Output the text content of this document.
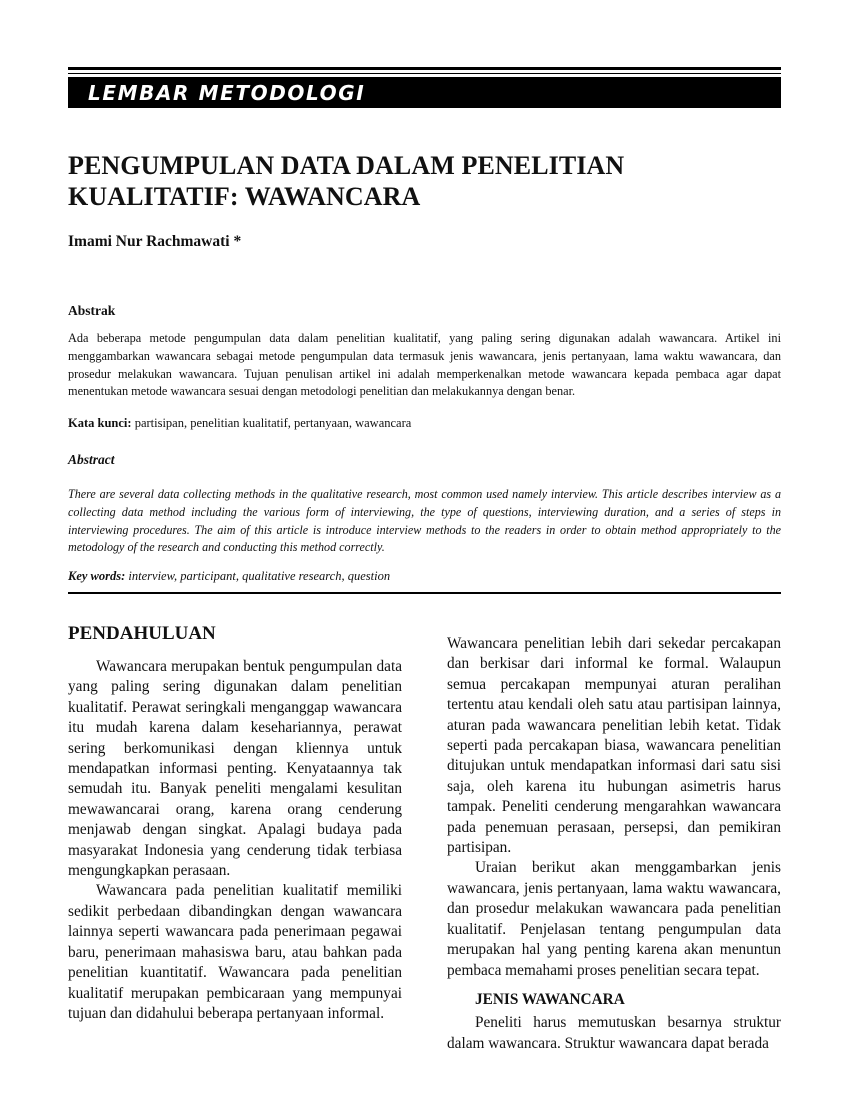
LEMBAR METODOLOGI
PENGUMPULAN DATA DALAM PENELITIAN KUALITATIF: WAWANCARA

Imami Nur Rachmawati *

Abstrak

Ada beberapa metode pengumpulan data dalam penelitian kualitatif, yang paling sering digunakan adalah wawancara. Artikel ini menggambarkan wawancara sebagai metode pengumpulan data termasuk jenis wawancara, jenis pertanyaan, lama waktu wawancara, dan prosedur melakukan wawancara. Tujuan penulisan artikel ini adalah memperkenalkan metode wawancara kepada pembaca agar dapat menentukan metode wawancara sesuai dengan metodologi penelitian dan melakukannya dengan benar.

Kata kunci: partisipan, penelitian kualitatif, pertanyaan, wawancara

Abstract

There are several data collecting methods in the qualitative research, most common used namely interview. This article describes interview as a collecting data method including the various form of interviewing, the type of questions, interviewing duration, and a series of steps in interviewing procedures. The aim of this article is introduce interview methods to the readers in order to obtain method appropriately to the metodology of the research and conducting this method correctly.

Key words: interview, participant, qualitative research, question

PENDAHULUAN

Wawancara merupakan bentuk pengumpulan data yang paling sering digunakan dalam penelitian kualitatif. Perawat seringkali menganggap wawancara itu mudah karena dalam kesehariannya, perawat sering berkomunikasi dengan kliennya untuk mendapatkan informasi penting. Kenyataannya tak semudah itu. Banyak peneliti mengalami kesulitan mewawancarai orang, karena orang cenderung menjawab dengan singkat. Apalagi budaya pada masyarakat Indonesia yang cenderung tidak terbiasa mengungkapkan perasaan.

Wawancara pada penelitian kualitatif memiliki sedikit perbedaan dibandingkan dengan wawancara lainnya seperti wawancara pada penerimaan pegawai baru, penerimaan mahasiswa baru, atau bahkan pada penelitian kuantitatif. Wawancara pada penelitian kualitatif merupakan pembicaraan yang mempunyai tujuan dan didahului beberapa pertanyaan informal.

Wawancara penelitian lebih dari sekedar percakapan dan berkisar dari informal ke formal. Walaupun semua percakapan mempunyai aturan peralihan tertentu atau kendali oleh satu atau partisipan lainnya, aturan pada wawancara penelitian lebih ketat. Tidak seperti pada percakapan biasa, wawancara penelitian ditujukan untuk mendapatkan informasi dari satu sisi saja, oleh karena itu hubungan asimetris harus tampak. Peneliti cenderung mengarahkan wawancara pada penemuan perasaan, persepsi, dan pemikiran partisipan.

Uraian berikut akan menggambarkan jenis wawancara, jenis pertanyaan, lama waktu wawancara, dan prosedur melakukan wawancara pada penelitian kualitatif. Penjelasan tentang pengumpulan data merupakan hal yang penting karena akan menuntun pembaca memahami proses penelitian secara tepat.

JENIS WAWANCARA

Peneliti harus memutuskan besarnya struktur dalam wawancara. Struktur wawancara dapat berada
